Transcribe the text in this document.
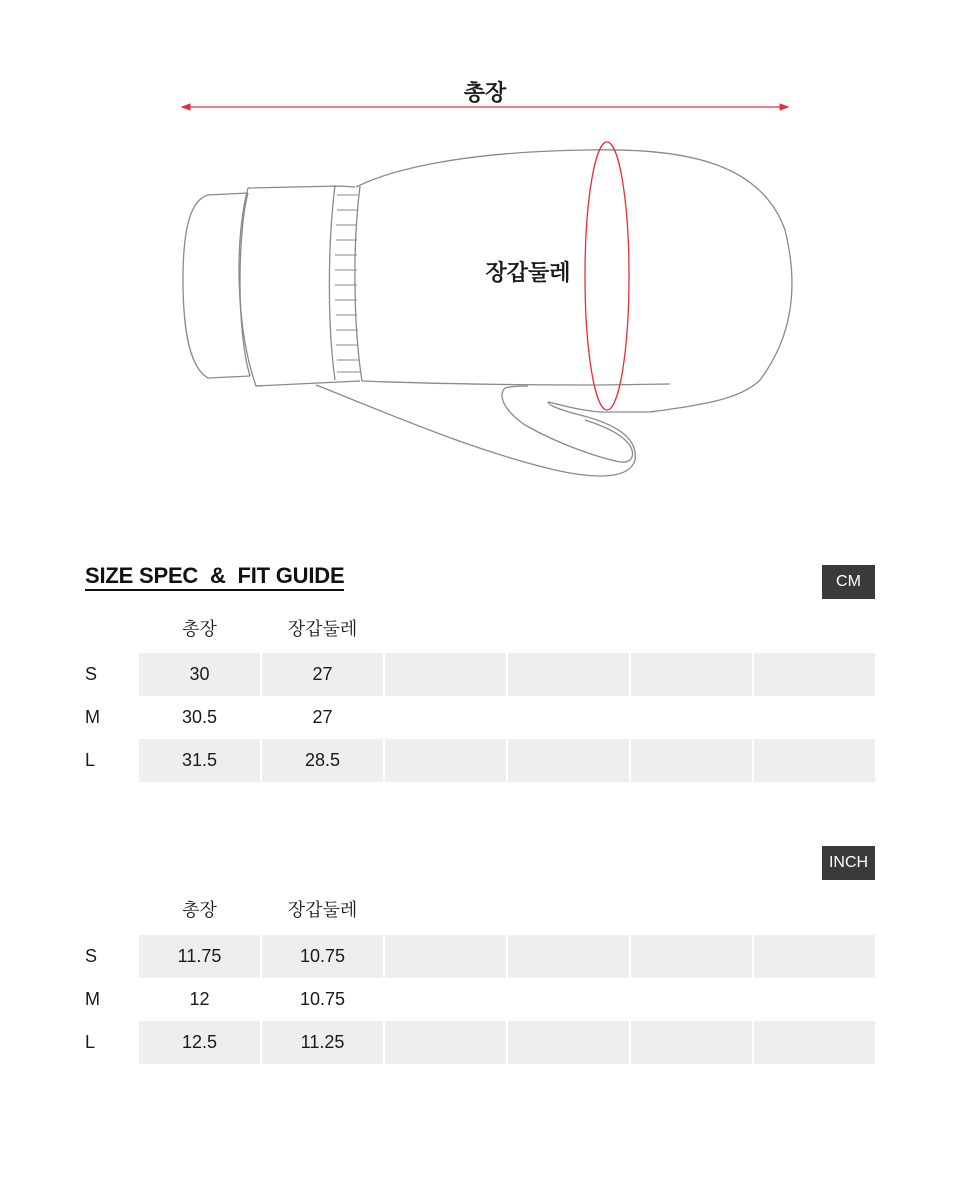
총장
장갑둘레
SIZE SPEC  &  FIT GUIDE	CM
총장	장갑둘레
S	30	27
M	30.5	27
L	31.5	28.5
INCH
총장	장갑둘레
S	11.75	10.75
M	12	10.75
L	12.5	11.25
